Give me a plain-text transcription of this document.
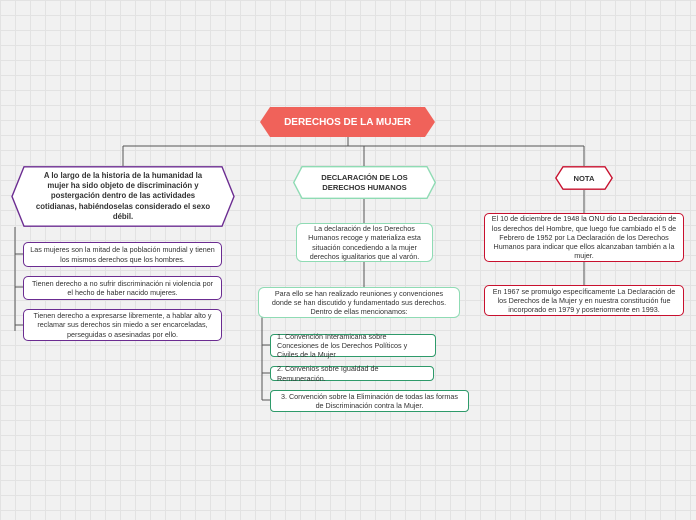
DERECHOS DE LA MUJER
A lo largo de la historia de la humanidad la mujer ha sido objeto de discriminación y postergación dentro de las actividades cotidianas, habiéndoselas considerado el sexo débil.
Las mujeres son la mitad de la población mundial y tienen los mismos derechos que los hombres.
Tienen derecho a no sufrir discriminación ni violencia por el hecho de haber nacido mujeres.
Tienen derecho a expresarse libremente, a hablar alto y reclamar sus derechos sin miedo a ser encarceladas, perseguidas o asesinadas por ello.
DECLARACIÓN DE LOS DERECHOS HUMANOS
La declaración de los Derechos Humanos recoge y materializa esta situación concediendo a la mujer derechos igualitarios que al varón.
Para ello se han realizado reuniones y convenciones donde se han discutido y fundamentado sus derechos. Dentro de ellas mencionamos:
1. Convención Interamicana sobre Concesiones de los Derechos Políticos y Civiles de la Mujer
2. Convenios sobre Igualdad de Remuneración.
3. Convención sobre la Eliminación de todas las formas de Discriminación contra la Mujer.
NOTA
El 10 de diciembre de 1948 la ONU dio La Declaración de los derechos del Hombre, que luego fue cambiado el 5 de Febrero de 1952 por La Declaración de los Derechos Humanos para indicar que ellos alcanzaban también a la mujer.
En 1967 se promulgo específicamente La Declaración de los Derechos de la Mujer y en nuestra constitución fue incorporado en 1979 y posteriormente en 1993.
